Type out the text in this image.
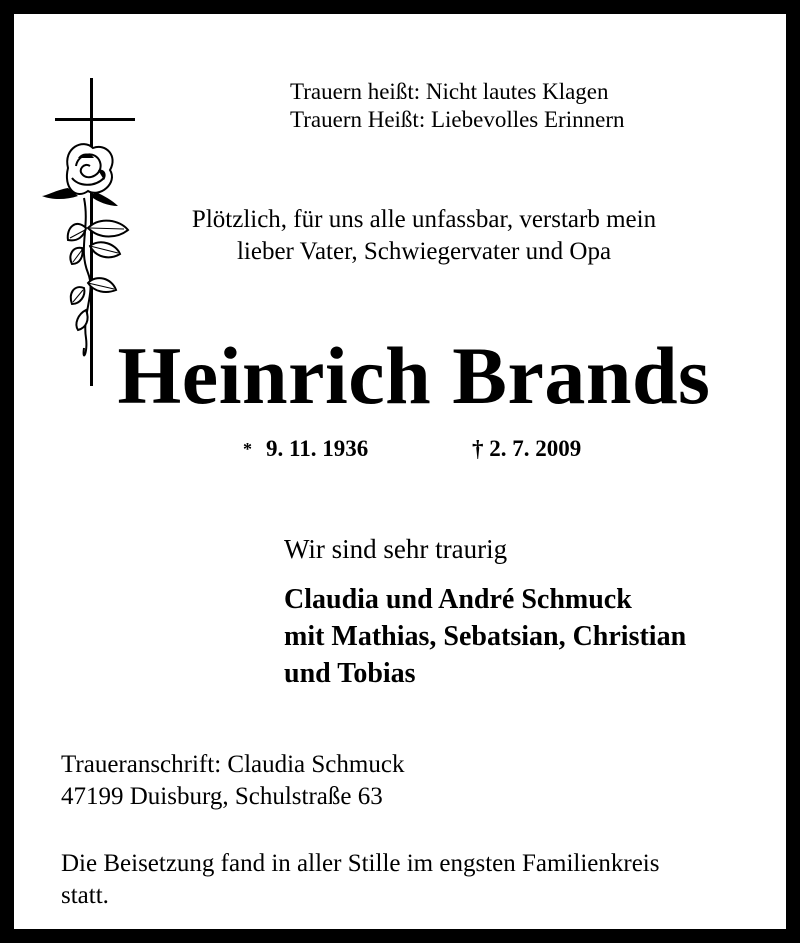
Trauern heißt: Nicht lautes Klagen
Trauern Heißt: Liebevolles Erinnern

Plötzlich, für uns alle unfassbar, verstarb mein
lieber Vater, Schwiegervater und Opa

Heinrich Brands

* 9. 11. 1936	† 2. 7. 2009

Wir sind sehr traurig

Claudia und André Schmuck
mit Mathias, Sebatsian, Christian
und Tobias

Traueranschrift: Claudia Schmuck
47199 Duisburg, Schulstraße 63

Die Beisetzung fand in aller Stille im engsten Familienkreis
statt.
